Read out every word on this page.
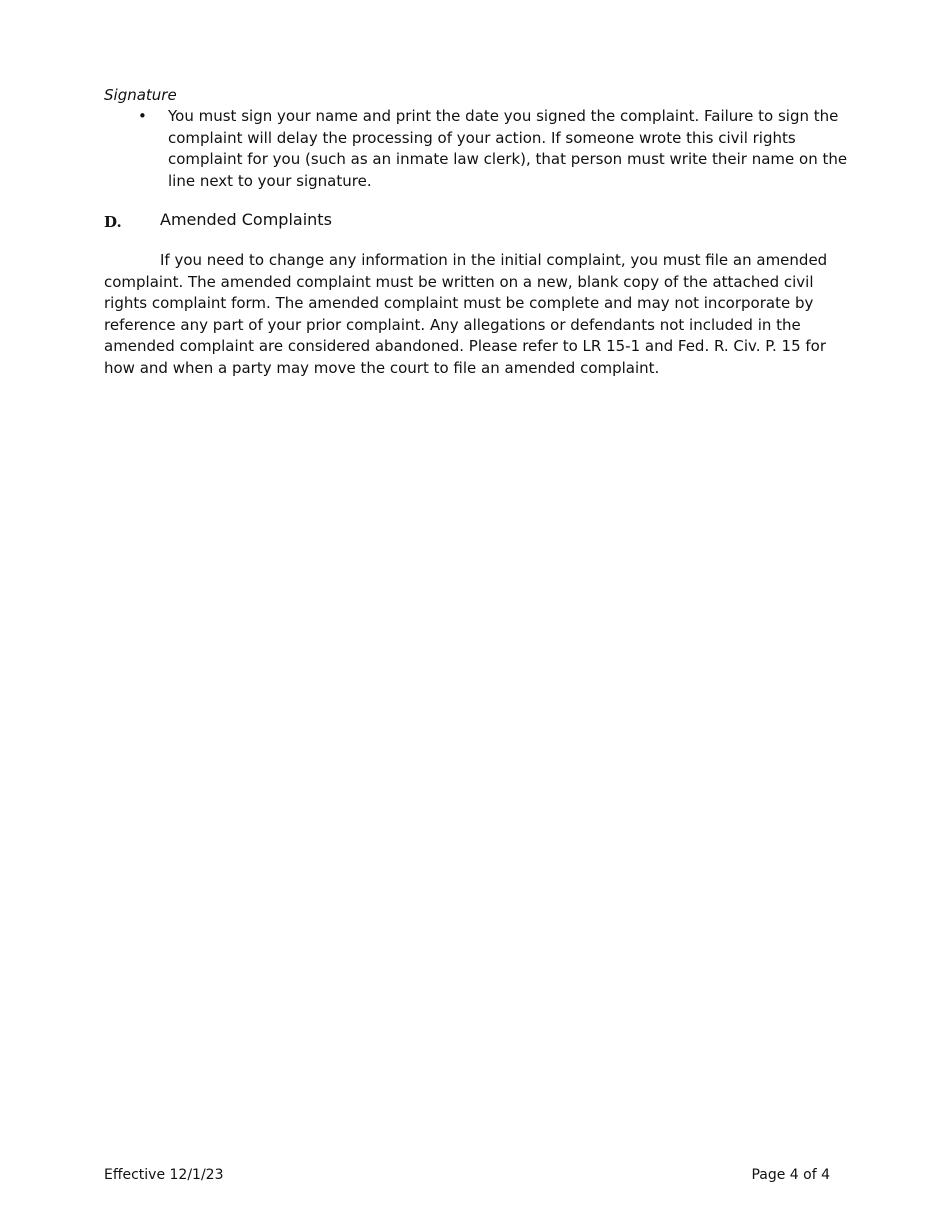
Signature
• You must sign your name and print the date you signed the complaint. Failure to sign the complaint will delay the processing of your action. If someone wrote this civil rights complaint for you (such as an inmate law clerk), that person must write their name on the line next to your signature.
D. Amended Complaints
If you need to change any information in the initial complaint, you must file an amended complaint. The amended complaint must be written on a new, blank copy of the attached civil rights complaint form. The amended complaint must be complete and may not incorporate by reference any part of your prior complaint. Any allegations or defendants not included in the amended complaint are considered abandoned. Please refer to LR 15-1 and Fed. R. Civ. P. 15 for how and when a party may move the court to file an amended complaint.
Effective 12/1/23	Page 4 of 4
